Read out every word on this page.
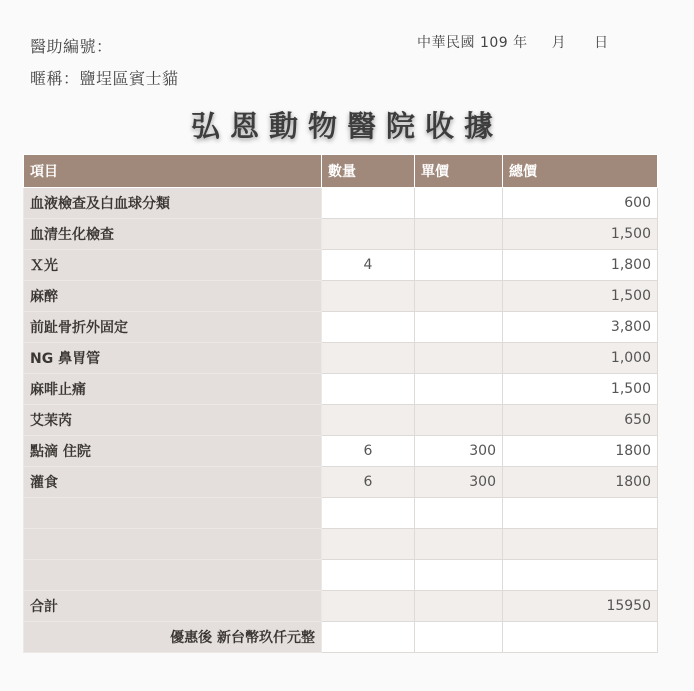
醫助編號：
暱稱：鹽埕區賓士貓
中華民國 109 年 月 日
弘恩動物醫院收據
項目	數量	單價	總價
血液檢查及白血球分類			600
血清生化檢查			1,500
Ｘ光	4		1,800
麻醉			1,500
前趾骨折外固定			3,800
NG 鼻胃管			1,000
麻啡止痛			1,500
艾茉芮			650
點滴 住院	6	300	1800
灌食	6	300	1800

合計			15950
優惠後 新台幣玖仟元整			
